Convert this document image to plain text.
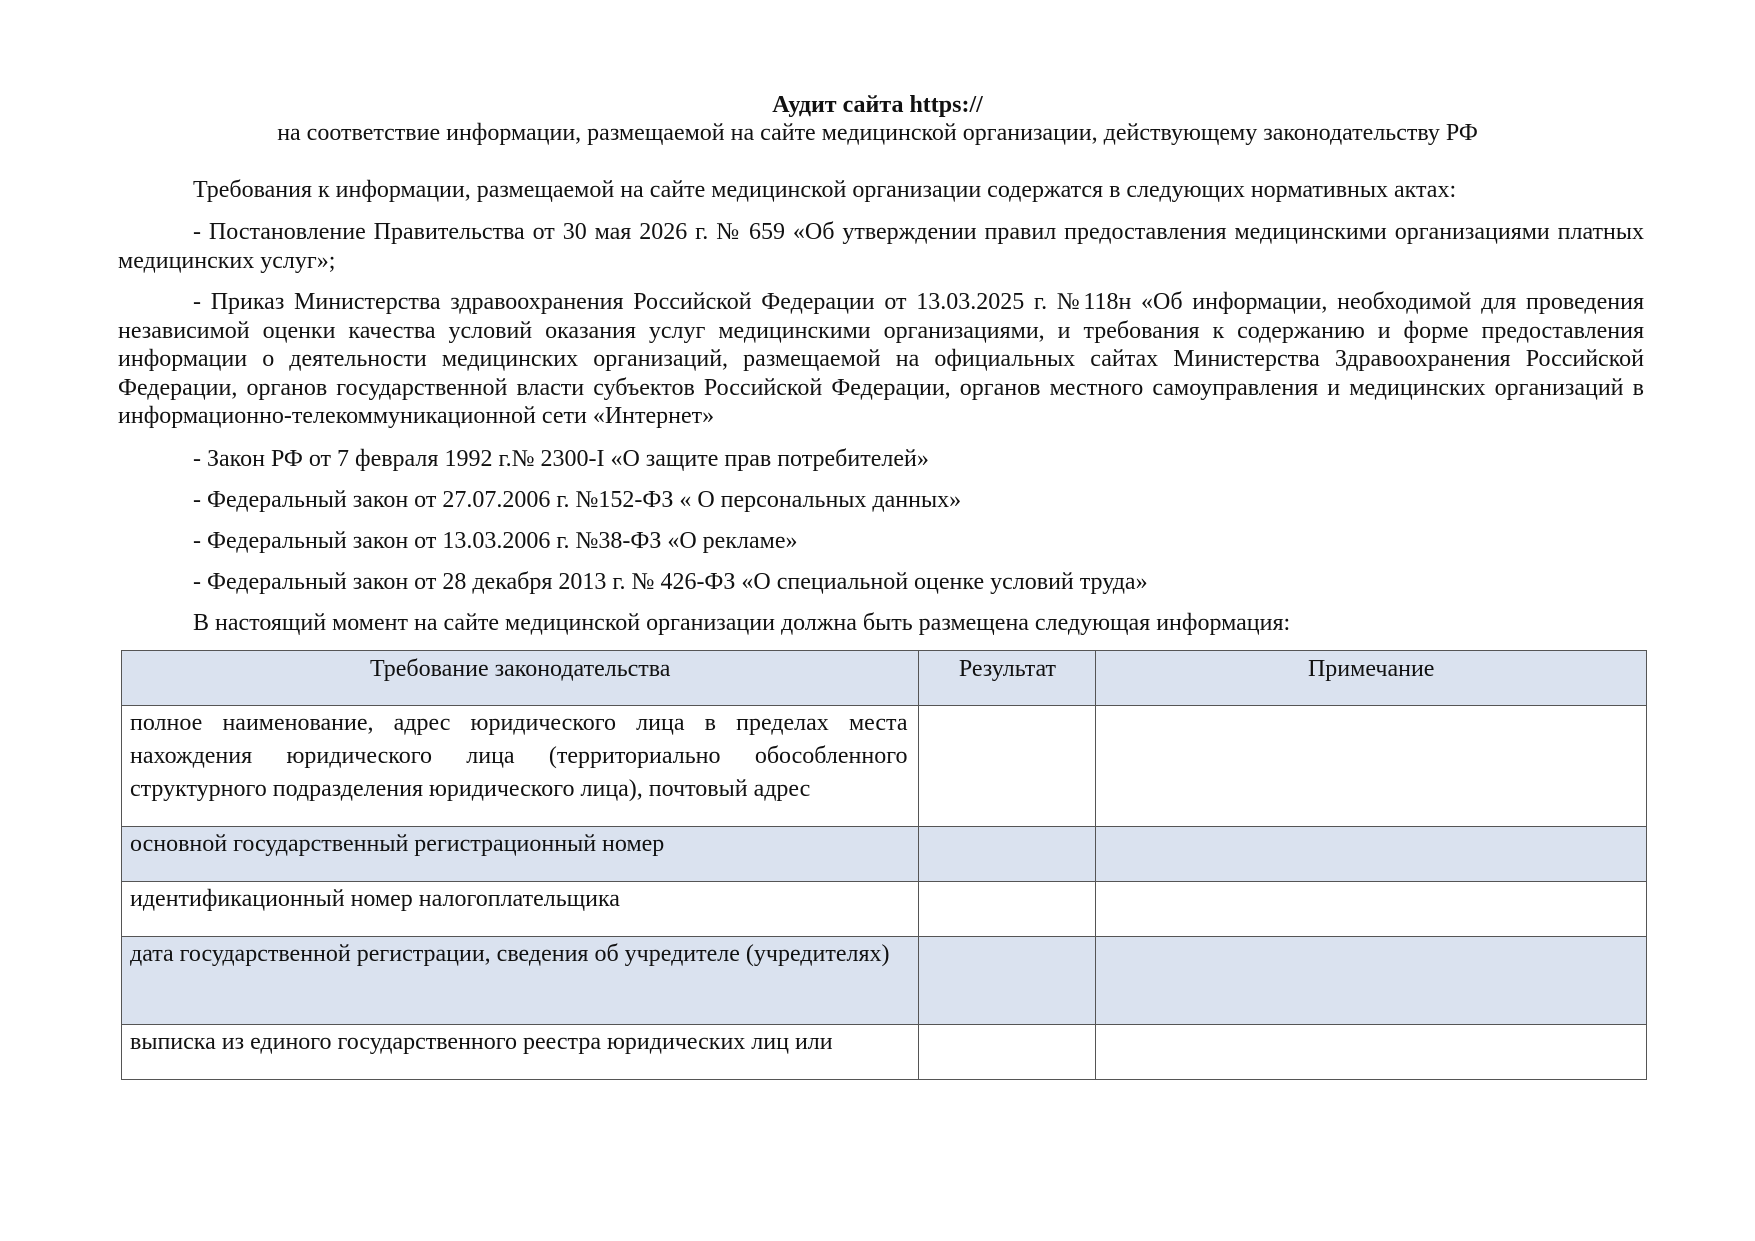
Аудит сайта https://
на соответствие информации, размещаемой на сайте медицинской организации, действующему законодательству РФ

Требования к информации, размещаемой на сайте медицинской организации содержатся в следующих нормативных актах:

- Постановление Правительства от 30 мая 2026 г. № 659 «Об утверждении правил предоставления медицинскими организациями платных медицинских услуг»;

- Приказ Министерства здравоохранения Российской Федерации от 13.03.2025 г. №118н «Об информации, необходимой для проведения независимой оценки качества условий оказания услуг медицинскими организациями, и требования к содержанию и форме предоставления информации о деятельности медицинских организаций, размещаемой на официальных сайтах Министерства Здравоохранения Российской Федерации, органов государственной власти субъектов Российской Федерации, органов местного самоуправления и медицинских организаций в информационно-телекоммуникационной сети «Интернет»

- Закон РФ от 7 февраля 1992 г.№ 2300-I «О защите прав потребителей»

- Федеральный закон от 27.07.2006 г. №152-ФЗ « О персональных данных»

- Федеральный закон от 13.03.2006 г. №38-ФЗ «О рекламе»

- Федеральный закон от 28 декабря 2013 г. № 426-ФЗ «О специальной оценке условий труда»

В настоящий момент на сайте медицинской организации должна быть размещена следующая информация:

Требование законодательства	Результат	Примечание

полное наименование, адрес юридического лица в пределах места нахождения юридического лица (территориально обособленного структурного подразделения юридического лица), почтовый адрес		

основной государственный регистрационный номер		

идентификационный номер налогоплательщика		

дата государственной регистрации, сведения об учредителе (учредителях)		

выписка из единого государственного реестра юридических лиц или		
